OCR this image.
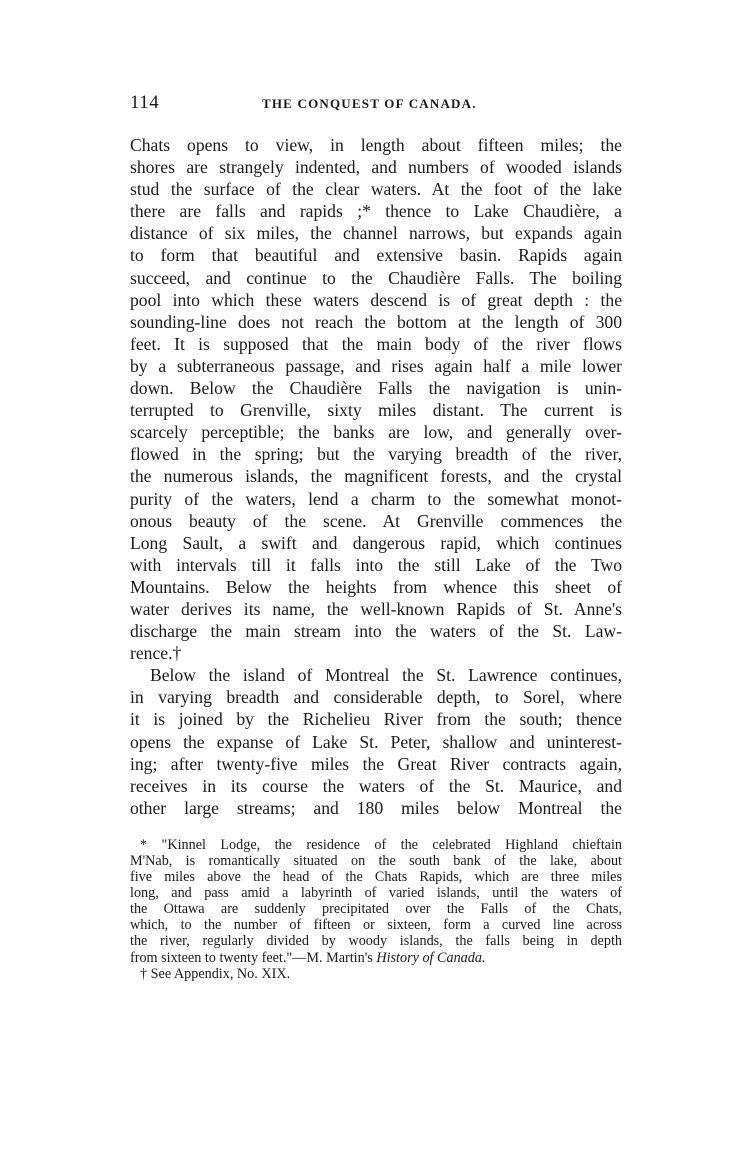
114	THE CONQUEST OF CANADA.
Chats opens to view, in length about fifteen miles; the
shores are strangely indented, and numbers of wooded islands
stud the surface of the clear waters. At the foot of the lake
there are falls and rapids ;* thence to Lake Chaudière, a
distance of six miles, the channel narrows, but expands again
to form that beautiful and extensive basin. Rapids again
succeed, and continue to the Chaudière Falls. The boiling
pool into which these waters descend is of great depth : the
sounding-line does not reach the bottom at the length of 300
feet. It is supposed that the main body of the river flows
by a subterraneous passage, and rises again half a mile lower
down. Below the Chaudière Falls the navigation is unin-
terrupted to Grenville, sixty miles distant. The current is
scarcely perceptible; the banks are low, and generally over-
flowed in the spring; but the varying breadth of the river,
the numerous islands, the magnificent forests, and the crystal
purity of the waters, lend a charm to the somewhat monot-
onous beauty of the scene. At Grenville commences the
Long Sault, a swift and dangerous rapid, which continues
with intervals till it falls into the still Lake of the Two
Mountains. Below the heights from whence this sheet of
water derives its name, the well-known Rapids of St. Anne's
discharge the main stream into the waters of the St. Law-
rence.†
Below the island of Montreal the St. Lawrence continues,
in varying breadth and considerable depth, to Sorel, where
it is joined by the Richelieu River from the south; thence
opens the expanse of Lake St. Peter, shallow and uninterest-
ing; after twenty-five miles the Great River contracts again,
receives in its course the waters of the St. Maurice, and
other large streams; and 180 miles below Montreal the
* "Kinnel Lodge, the residence of the celebrated Highland chieftain
M'Nab, is romantically situated on the south bank of the lake, about
five miles above the head of the Chats Rapids, which are three miles
long, and pass amid a labyrinth of varied islands, until the waters of
the Ottawa are suddenly precipitated over the Falls of the Chats,
which, to the number of fifteen or sixteen, form a curved line across
the river, regularly divided by woody islands, the falls being in depth
from sixteen to twenty feet."—M. Martin's History of Canada.
† See Appendix, No. XIX.
